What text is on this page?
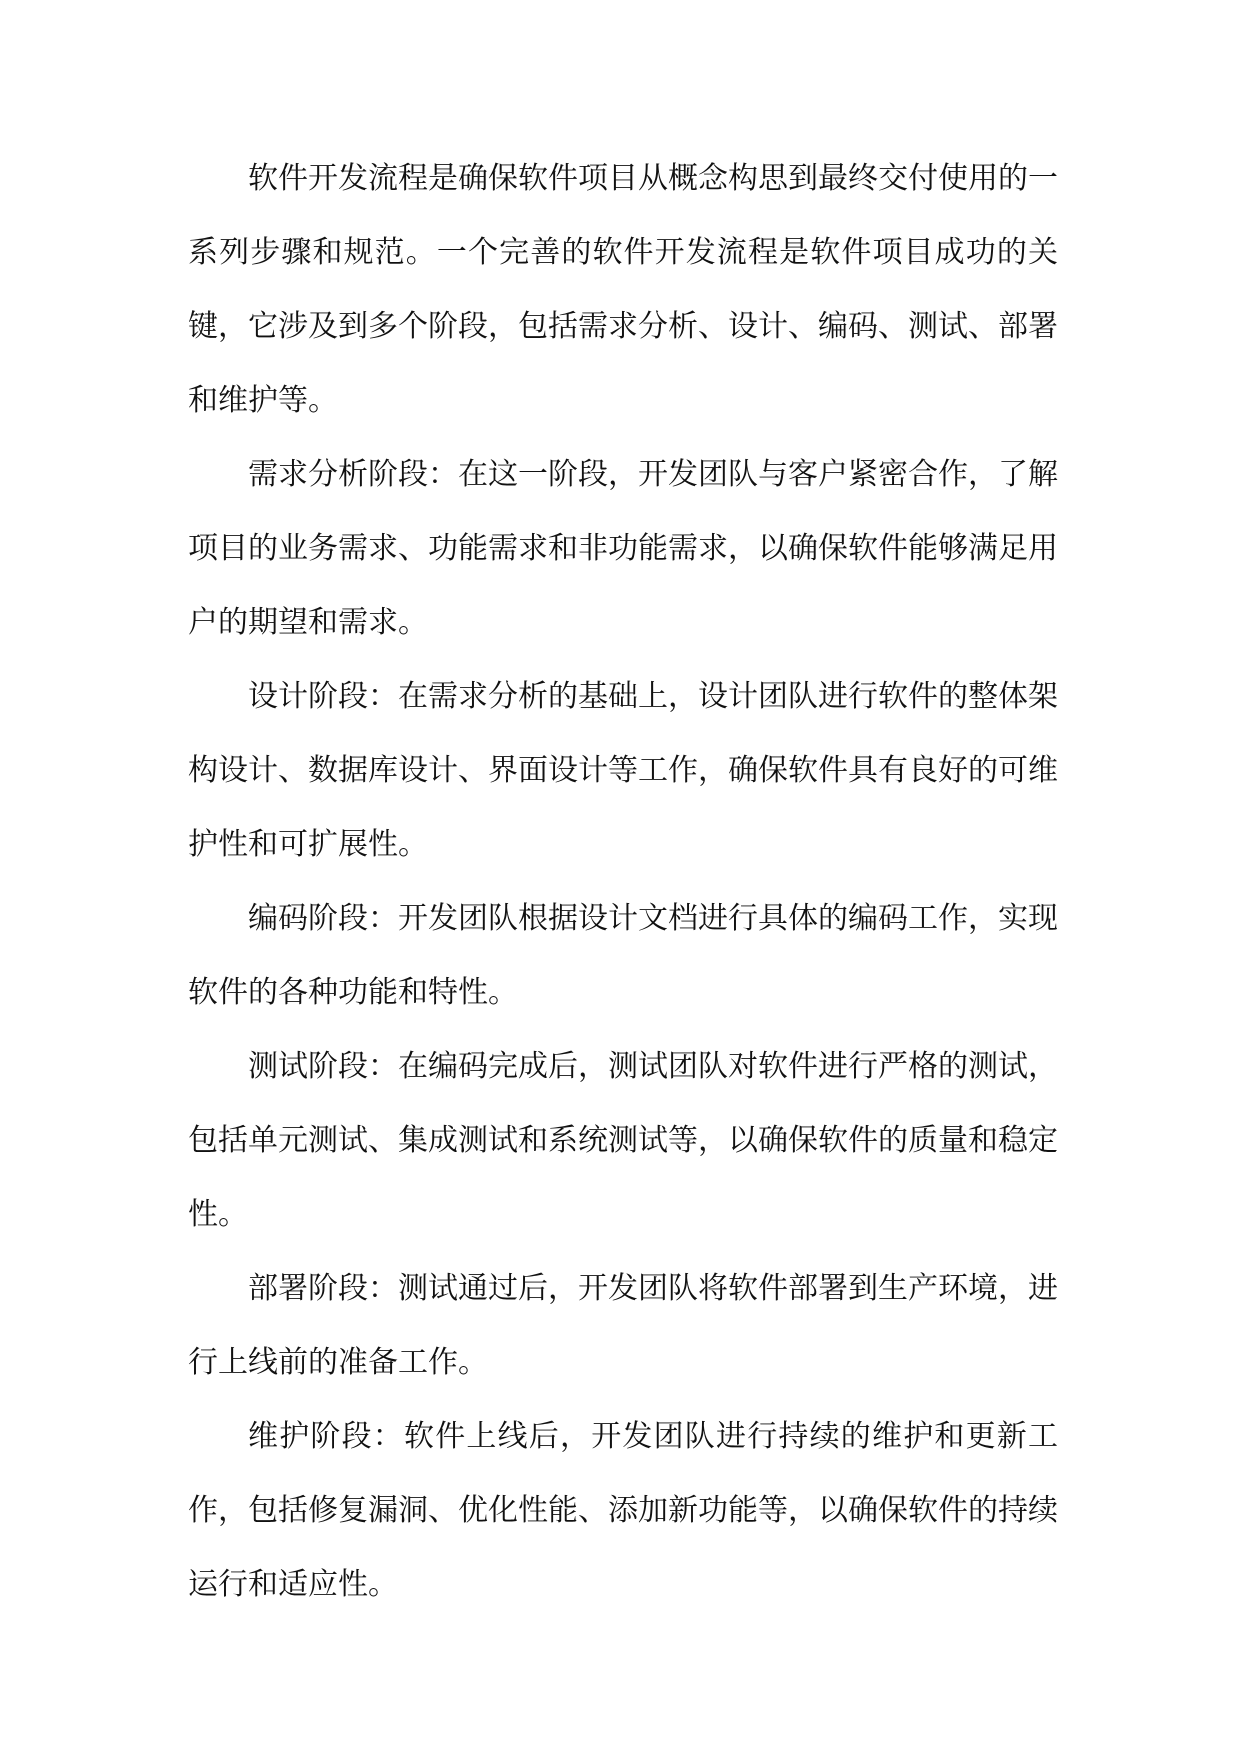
软件开发流程是确保软件项目从概念构思到最终交付使用的一系列步骤和规范。一个完善的软件开发流程是软件项目成功的关键，它涉及到多个阶段，包括需求分析、设计、编码、测试、部署和维护等。

需求分析阶段：在这一阶段，开发团队与客户紧密合作，了解项目的业务需求、功能需求和非功能需求，以确保软件能够满足用户的期望和需求。

设计阶段：在需求分析的基础上，设计团队进行软件的整体架构设计、数据库设计、界面设计等工作，确保软件具有良好的可维护性和可扩展性。

编码阶段：开发团队根据设计文档进行具体的编码工作，实现软件的各种功能和特性。

测试阶段：在编码完成后，测试团队对软件进行严格的测试，包括单元测试、集成测试和系统测试等，以确保软件的质量和稳定性。

部署阶段：测试通过后，开发团队将软件部署到生产环境，进行上线前的准备工作。

维护阶段：软件上线后，开发团队进行持续的维护和更新工作，包括修复漏洞、优化性能、添加新功能等，以确保软件的持续运行和适应性。
